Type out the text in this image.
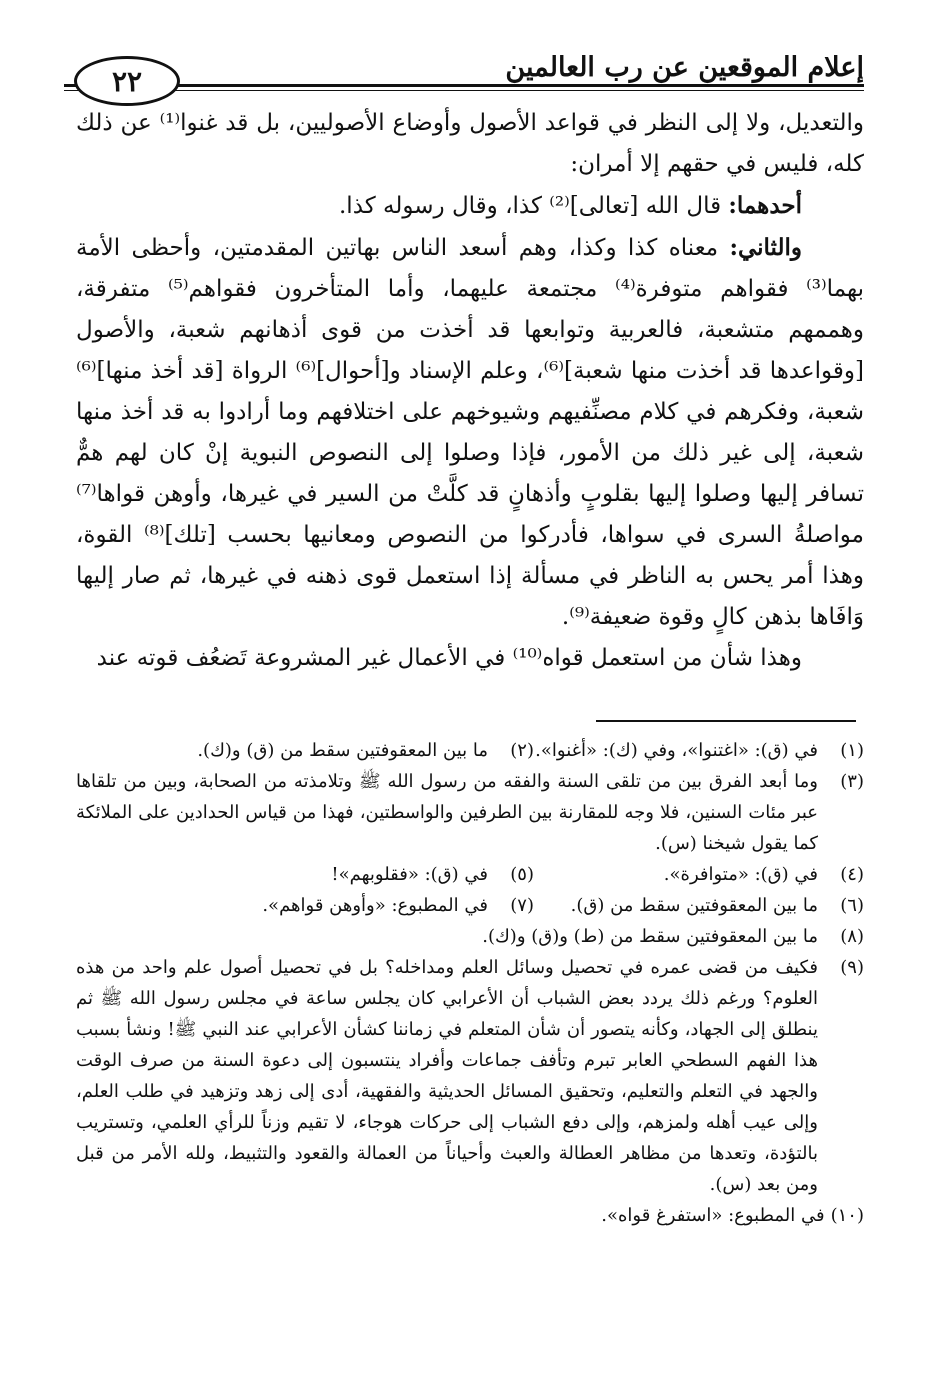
إعلام الموقعين عن رب العالمين
٢٢

والتعديل، ولا إلى النظر في قواعد الأصول وأوضاع الأصوليين، بل قد غنوا⁽¹⁾ عن ذلك كله، فليس في حقهم إلا أمران:

أحدهما: قال الله [تعالى]⁽²⁾ كذا، وقال رسوله كذا.

والثاني: معناه كذا وكذا، وهم أسعد الناس بهاتين المقدمتين، وأحظى الأمة بهما⁽³⁾ فقواهم متوفرة⁽⁴⁾ مجتمعة عليهما، وأما المتأخرون فقواهم⁽⁵⁾ متفرقة، وهممهم متشعبة، فالعربية وتوابعها قد أخذت من قوى أذهانهم شعبة، والأصول [وقواعدها قد أخذت منها شعبة]⁽⁶⁾، وعلم الإسناد و[أحوال]⁽⁶⁾ الرواة [قد أخذ منها]⁽⁶⁾ شعبة، وفكرهم في كلام مصنِّفيهم وشيوخهم على اختلافهم وما أرادوا به قد أخذ منها شعبة، إلى غير ذلك من الأمور، فإذا وصلوا إلى النصوص النبوية إنْ كان لهم همٌّ تسافر إليها وصلوا إليها بقلوبٍ وأذهانٍ قد كلَّتْ من السير في غيرها، وأوهن قواها⁽⁷⁾ مواصلةُ السرى في سواها، فأدركوا من النصوص ومعانيها بحسب [تلك]⁽⁸⁾ القوة، وهذا أمر يحس به الناظر في مسألة إذا استعمل قوى ذهنه في غيرها، ثم صار إليها وَافَاها بذهن كالٍ وقوة ضعيفة⁽⁹⁾.

وهذا شأن من استعمل قواه⁽¹⁰⁾ في الأعمال غير المشروعة تَضعُف قوته عند

(١)
في (ق): «اغتنوا»، وفي (ك): «أغنوا».
(٢)
ما بين المعقوفتين سقط من (ق) و(ك).
(٣)
وما أبعد الفرق بين من تلقى السنة والفقه من رسول الله ﷺ وتلامذته من الصحابة، وبين من تلقاها عبر مئات السنين، فلا وجه للمقارنة بين الطرفين والواسطتين، فهذا من قياس الحدادين على الملائكة كما يقول شيخنا (س).
(٤)
في (ق): «متوافرة».
(٥)
في (ق): «فقلوبهم»!
(٦)
ما بين المعقوفتين سقط من (ق).
(٧)
في المطبوع: «وأوهن قواهم».
(٨)
ما بين المعقوفتين سقط من (ط) و(ق) و(ك).
(٩)
فكيف من قضى عمره في تحصيل وسائل العلم ومداخله؟ بل في تحصيل أصول علم واحد من هذه العلوم؟ ورغم ذلك يردد بعض الشباب أن الأعرابي كان يجلس ساعة في مجلس رسول الله ﷺ ثم ينطلق إلى الجهاد، وكأنه يتصور أن شأن المتعلم في زماننا كشأن الأعرابي عند النبي ﷺ! ونشأ بسبب هذا الفهم السطحي العابر تبرم وتأفف جماعات وأفراد ينتسبون إلى دعوة السنة من صرف الوقت والجهد في التعلم والتعليم، وتحقيق المسائل الحديثية والفقهية، أدى إلى زهد وتزهيد في طلب العلم، وإلى عيب أهله ولمزهم، وإلى دفع الشباب إلى حركات هوجاء، لا تقيم وزناً للرأي العلمي، وتستريب بالتؤدة، وتعدها من مظاهر العطالة والعبث وأحياناً من العمالة والقعود والتثبيط، ولله الأمر من قبل ومن بعد (س).
(١٠)
في المطبوع: «استفرغ قواه».
